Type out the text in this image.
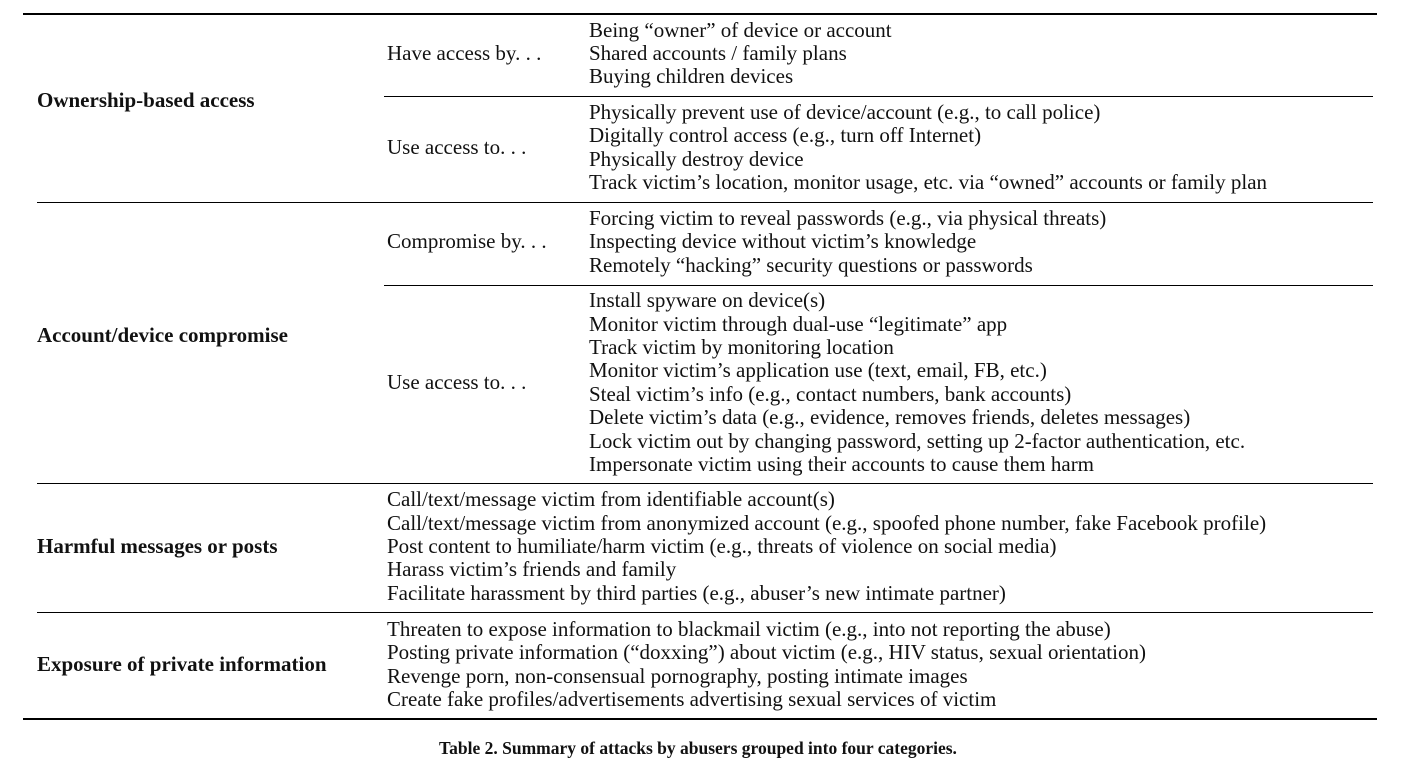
Ownership-based access
Have access by. . .
Being “owner” of device or account
Shared accounts / family plans
Buying children devices
Use access to. . .
Physically prevent use of device/account (e.g., to call police)
Digitally control access (e.g., turn off Internet)
Physically destroy device
Track victim’s location, monitor usage, etc. via “owned” accounts or family plan
Account/device compromise
Compromise by. . .
Forcing victim to reveal passwords (e.g., via physical threats)
Inspecting device without victim’s knowledge
Remotely “hacking” security questions or passwords
Use access to. . .
Install spyware on device(s)
Monitor victim through dual-use “legitimate” app
Track victim by monitoring location
Monitor victim’s application use (text, email, FB, etc.)
Steal victim’s info (e.g., contact numbers, bank accounts)
Delete victim’s data (e.g., evidence, removes friends, deletes messages)
Lock victim out by changing password, setting up 2-factor authentication, etc.
Impersonate victim using their accounts to cause them harm
Harmful messages or posts
Call/text/message victim from identifiable account(s)
Call/text/message victim from anonymized account (e.g., spoofed phone number, fake Facebook profile)
Post content to humiliate/harm victim (e.g., threats of violence on social media)
Harass victim’s friends and family
Facilitate harassment by third parties (e.g., abuser’s new intimate partner)
Exposure of private information
Threaten to expose information to blackmail victim (e.g., into not reporting the abuse)
Posting private information (“doxxing”) about victim (e.g., HIV status, sexual orientation)
Revenge porn, non-consensual pornography, posting intimate images
Create fake profiles/advertisements advertising sexual services of victim
Table 2. Summary of attacks by abusers grouped into four categories.
